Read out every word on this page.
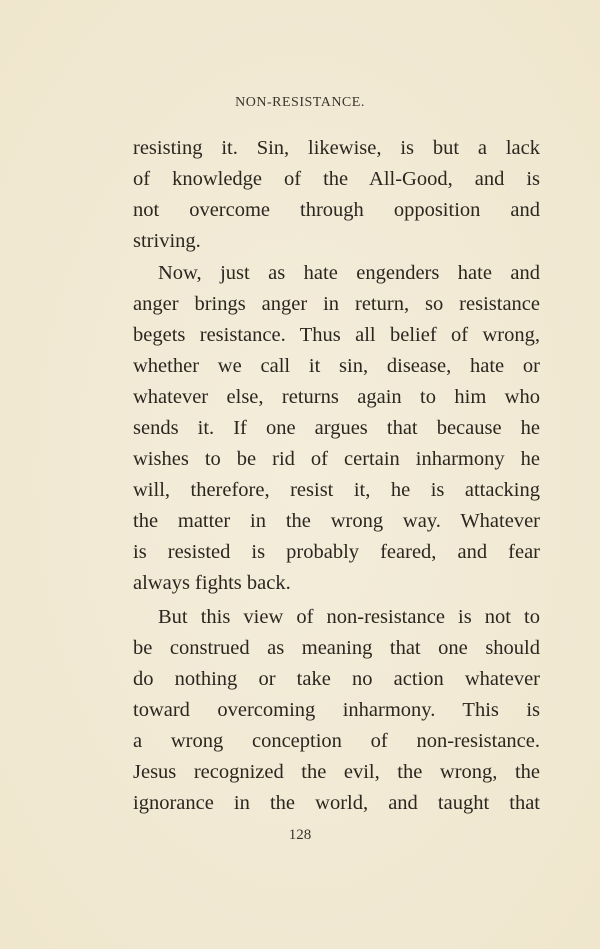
NON-RESISTANCE.
resisting it. Sin, likewise, is but a lack
of knowledge of the All-Good, and is
not overcome through opposition and
striving.
Now, just as hate engenders hate and
anger brings anger in return, so resistance
begets resistance. Thus all belief of wrong,
whether we call it sin, disease, hate or
whatever else, returns again to him who
sends it. If one argues that because he
wishes to be rid of certain inharmony he
will, therefore, resist it, he is attacking
the matter in the wrong way. Whatever
is resisted is probably feared, and fear
always fights back.
But this view of non-resistance is not to
be construed as meaning that one should
do nothing or take no action whatever
toward overcoming inharmony. This is
a wrong conception of non-resistance.
Jesus recognized the evil, the wrong, the
ignorance in the world, and taught that
128
